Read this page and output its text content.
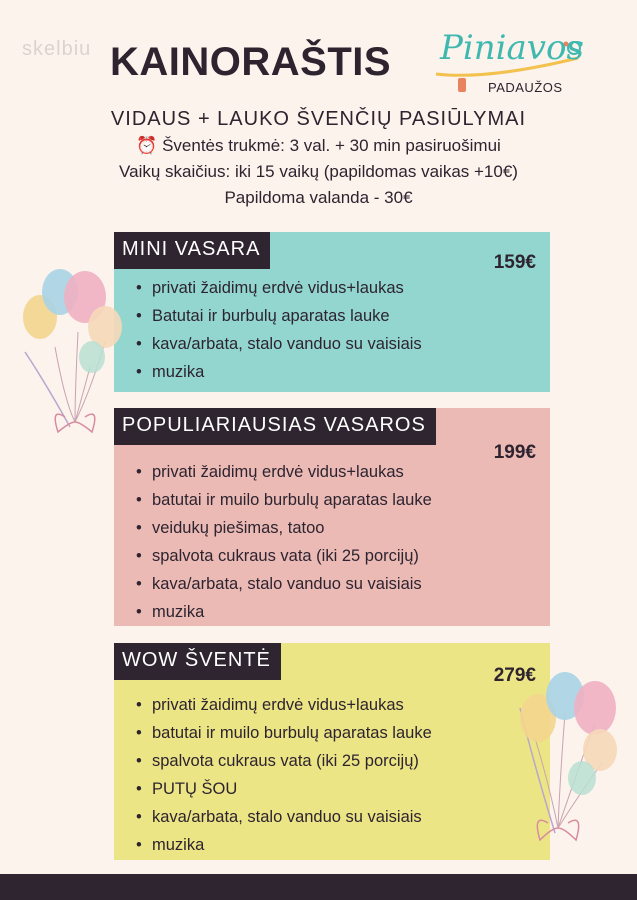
skelbiu KAINORAŠTIS Piniavos
PADAUŽOS
VIDAUS + LAUKO ŠVENČIŲ PASIŪLYMAI
⏰ Šventės trukmė: 3 val. + 30 min pasiruošimui
Vaikų skaičius: iki 15 vaikų (papildomas vaikas +10€)
Papildoma valanda - 30€
MINI VASARA
159€
• privati žaidimų erdvė vidus+laukas
• Batutai ir burbulų aparatas lauke
• kava/arbata, stalo vanduo su vaisiais
• muzika
POPULIARIAUSIAS VASAROS
199€
• privati žaidimų erdvė vidus+laukas
• batutai ir muilo burbulų aparatas lauke
• veidukų piešimas, tatoo
• spalvota cukraus vata (iki 25 porcijų)
• kava/arbata, stalo vanduo su vaisiais
• muzika
WOW ŠVENTĖ
279€
• privati žaidimų erdvė vidus+laukas
• batutai ir muilo burbulų aparatas lauke
• spalvota cukraus vata (iki 25 porcijų)
• PUTŲ ŠOU
• kava/arbata, stalo vanduo su vaisiais
• muzika
